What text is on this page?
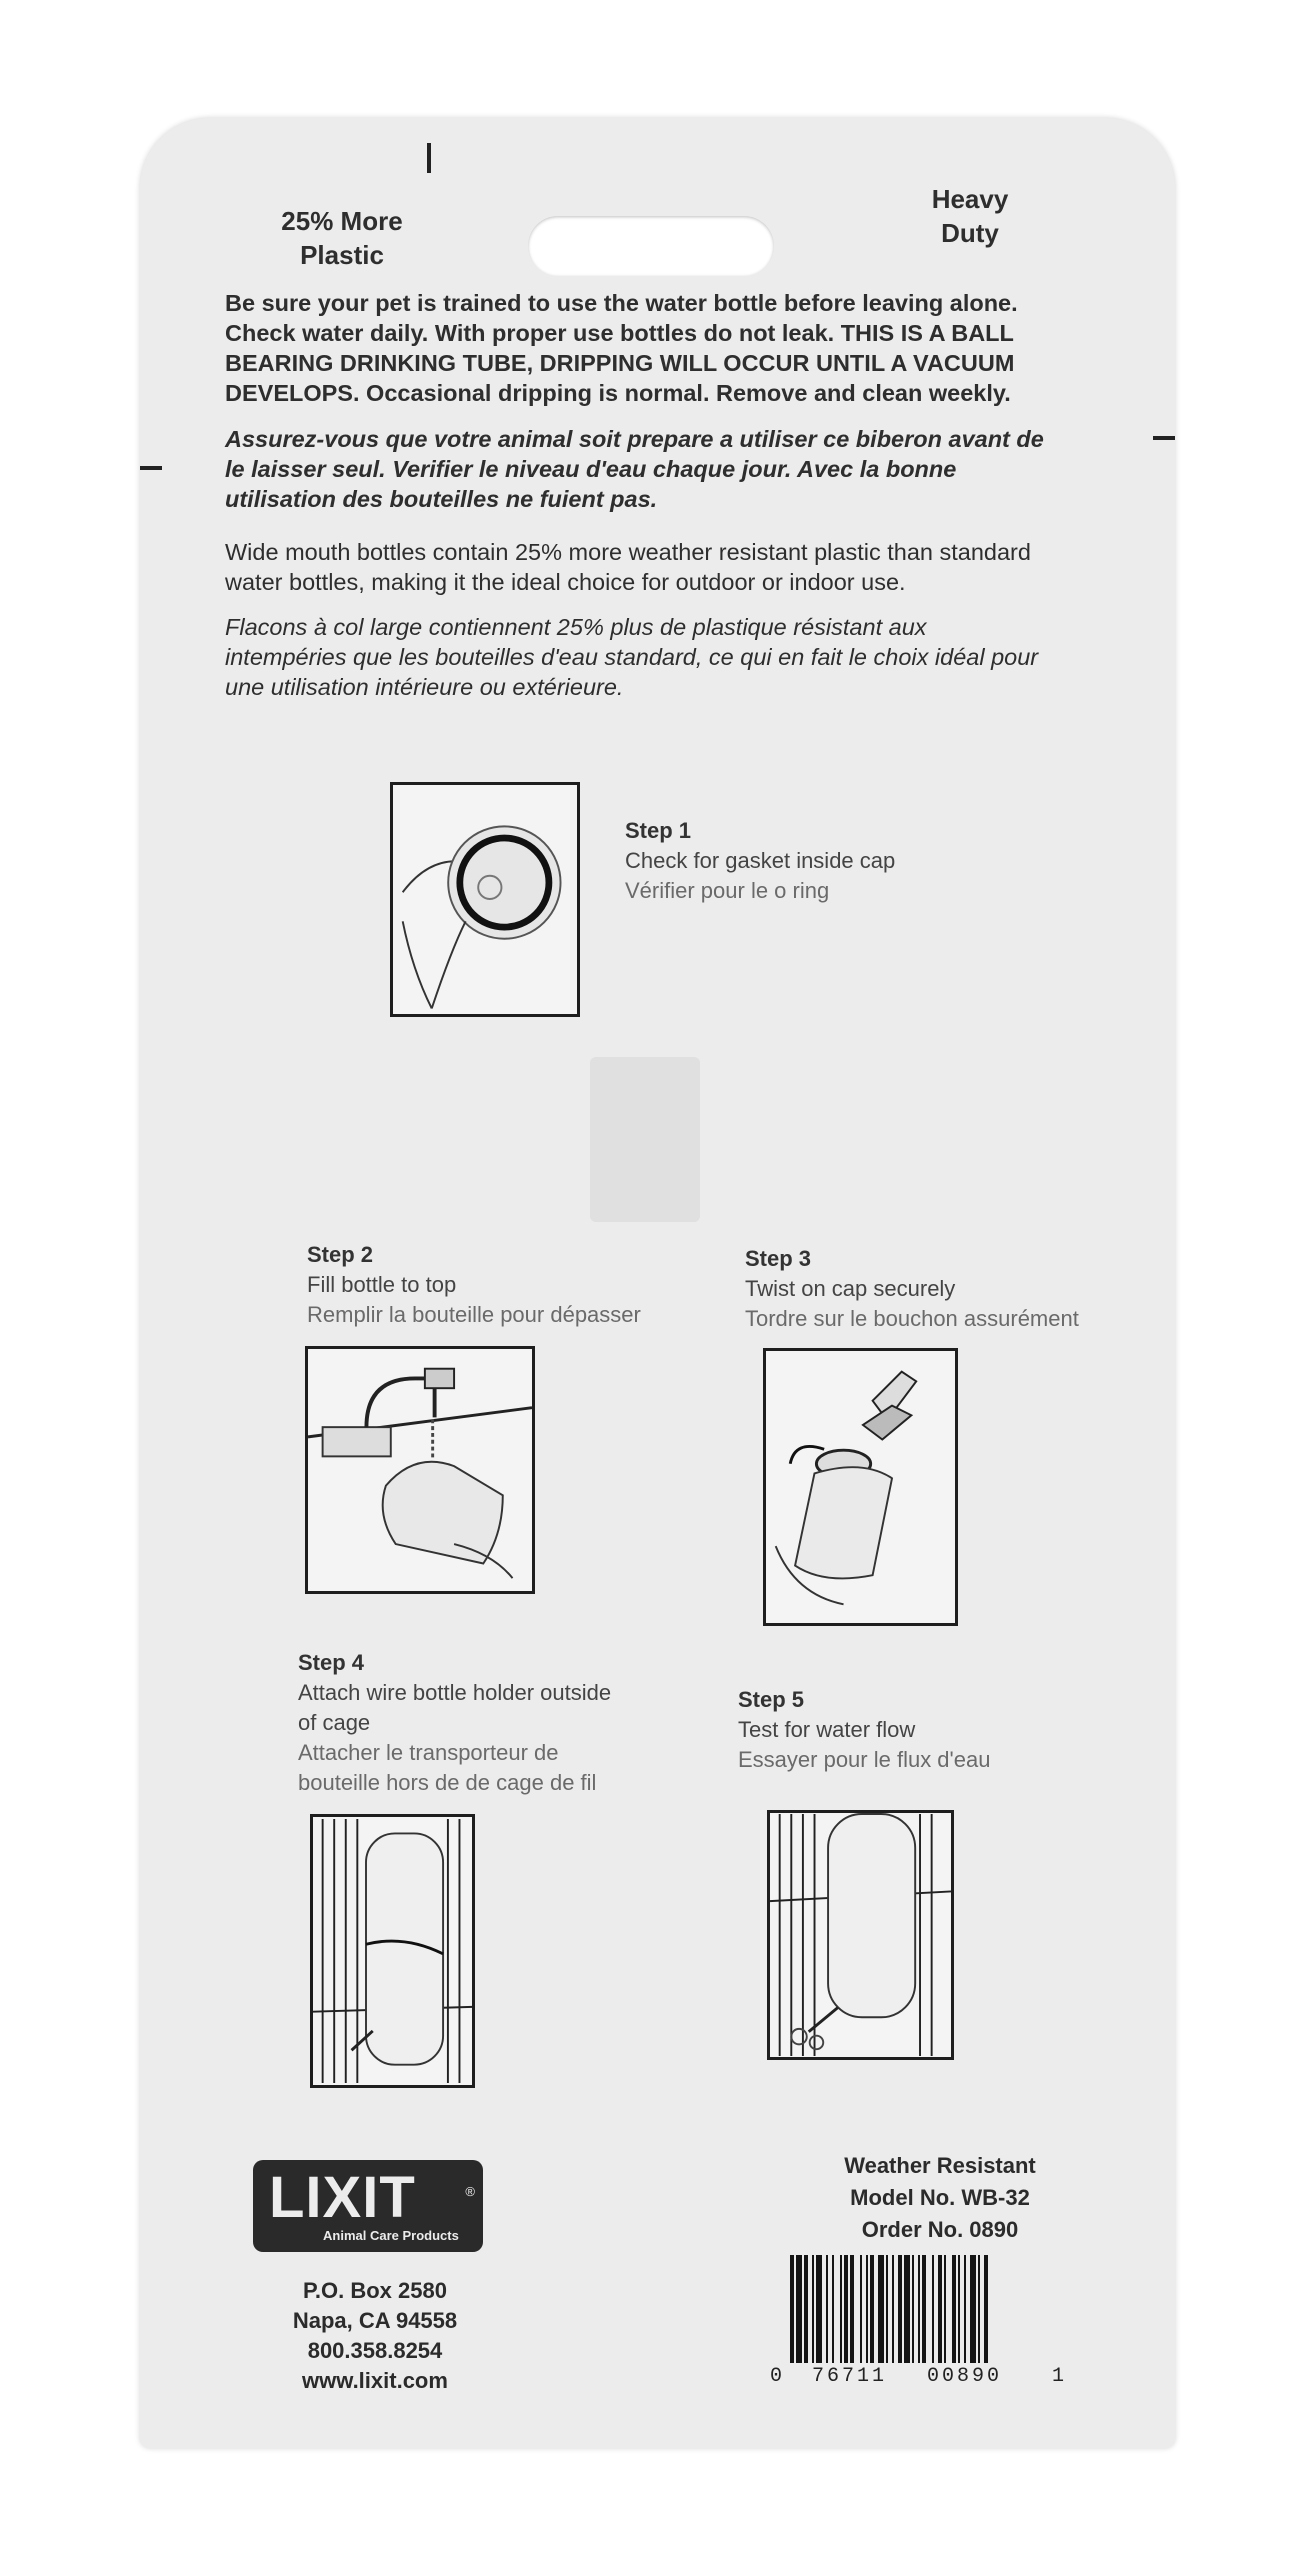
25% More
Plastic
Heavy
Duty
Be sure your pet is trained to use the water bottle before leaving alone. Check water daily. With proper use bottles do not leak. THIS IS A BALL BEARING DRINKING TUBE, DRIPPING WILL OCCUR UNTIL A VACUUM DEVELOPS. Occasional dripping is normal. Remove and clean weekly.
Assurez-vous que votre animal soit prepare a utiliser ce biberon avant de le laisser seul. Verifier le niveau d'eau chaque jour. Avec la bonne utilisation des bouteilles ne fuient pas.
Wide mouth bottles contain 25% more weather resistant plastic than standard water bottles, making it the ideal choice for outdoor or indoor use.
Flacons à col large contiennent 25% plus de plastique résistant aux intempéries que les bouteilles d'eau standard, ce qui en fait le choix idéal pour une utilisation intérieure ou extérieure.
Step 1
Check for gasket inside cap
Vérifier pour le o ring
Step 2
Fill bottle to top
Remplir la bouteille pour dépasser
Step 3
Twist on cap securely
Tordre sur le bouchon assurément
Step 4
Attach wire bottle holder outside
of cage
Attacher le transporteur de
bouteille hors de de cage de fil
Step 5
Test for water flow
Essayer pour le flux d'eau
LIXIT	®
Animal Care Products
P.O. Box 2580
Napa, CA 94558
800.358.8254
www.lixit.com
Weather Resistant
Model No. WB-32
Order No. 0890
0 76711 00890 1
